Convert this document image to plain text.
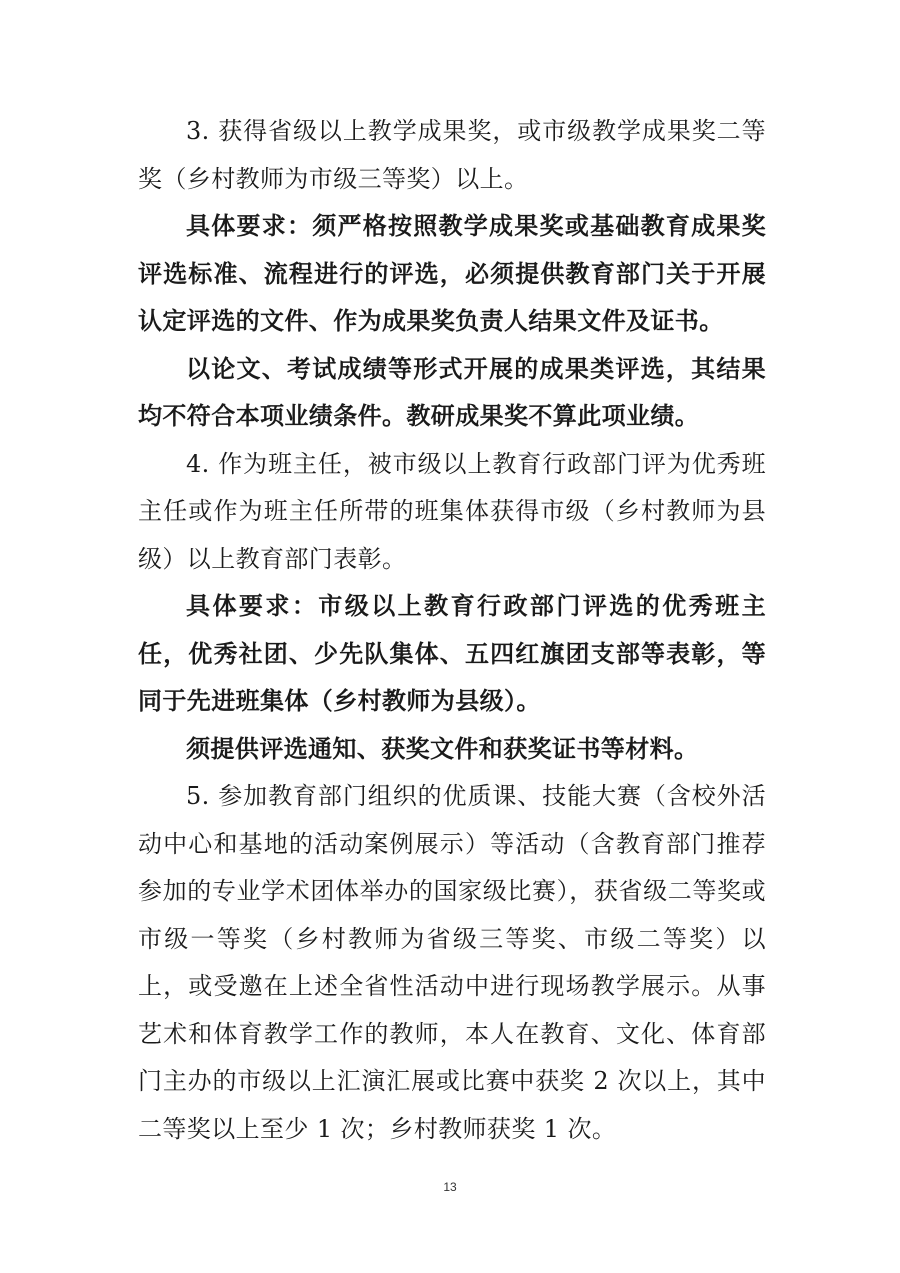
3. 获得省级以上教学成果奖，或市级教学成果奖二等奖（乡村教师为市级三等奖）以上。

具体要求：须严格按照教学成果奖或基础教育成果奖评选标准、流程进行的评选，必须提供教育部门关于开展认定评选的文件、作为成果奖负责人结果文件及证书。

以论文、考试成绩等形式开展的成果类评选，其结果均不符合本项业绩条件。教研成果奖不算此项业绩。

4. 作为班主任，被市级以上教育行政部门评为优秀班主任或作为班主任所带的班集体获得市级（乡村教师为县级）以上教育部门表彰。

具体要求：市级以上教育行政部门评选的优秀班主任，优秀社团、少先队集体、五四红旗团支部等表彰，等同于先进班集体（乡村教师为县级）。

须提供评选通知、获奖文件和获奖证书等材料。

5. 参加教育部门组织的优质课、技能大赛（含校外活动中心和基地的活动案例展示）等活动（含教育部门推荐参加的专业学术团体举办的国家级比赛），获省级二等奖或市级一等奖（乡村教师为省级三等奖、市级二等奖）以上，或受邀在上述全省性活动中进行现场教学展示。从事艺术和体育教学工作的教师，本人在教育、文化、体育部门主办的市级以上汇演汇展或比赛中获奖 2 次以上，其中二等奖以上至少 1 次；乡村教师获奖 1 次。

13
